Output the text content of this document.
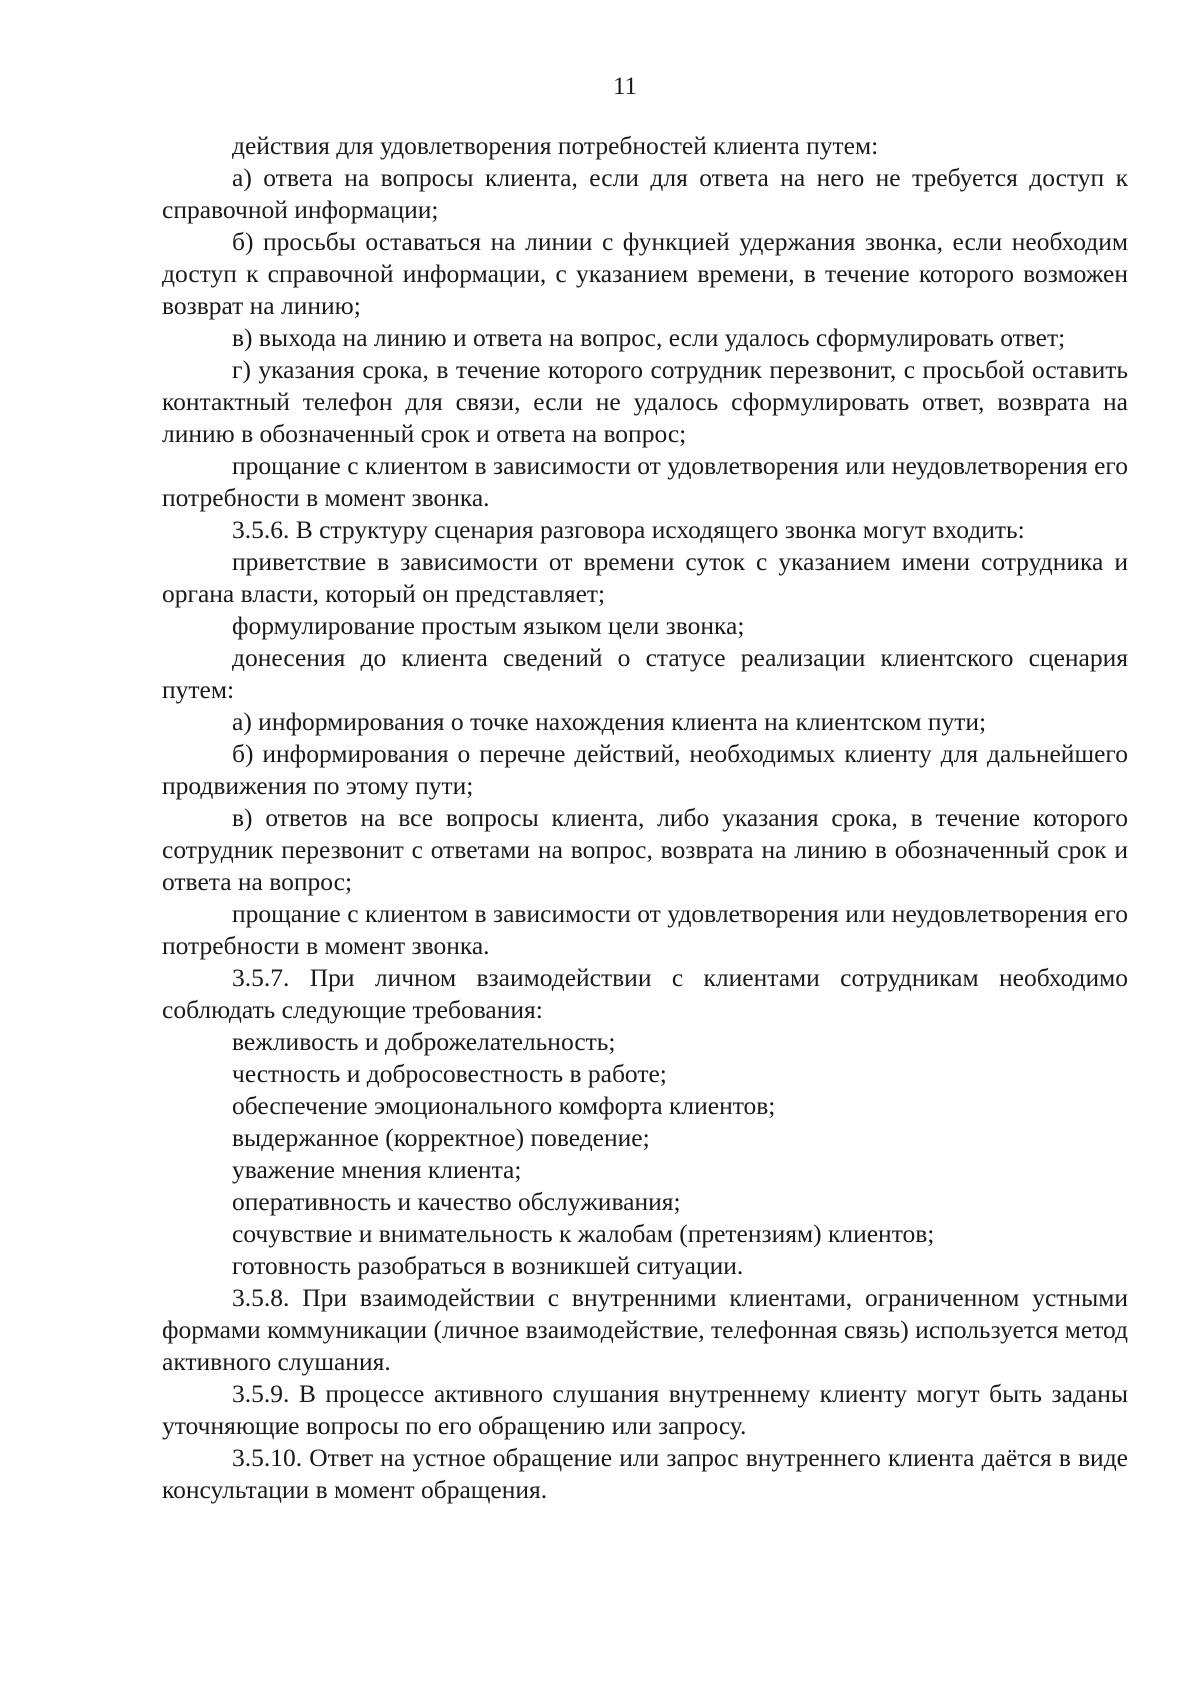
11

действия для удовлетворения потребностей клиента путем:

а) ответа на вопросы клиента, если для ответа на него не требуется доступ к справочной информации;

б) просьбы оставаться на линии с функцией удержания звонка, если необходим доступ к справочной информации, с указанием времени, в течение которого возможен возврат на линию;

в) выхода на линию и ответа на вопрос, если удалось сформулировать ответ;

г) указания срока, в течение которого сотрудник перезвонит, с просьбой оставить контактный телефон для связи, если не удалось сформулировать ответ, возврата на линию в обозначенный срок и ответа на вопрос;

прощание с клиентом в зависимости от удовлетворения или неудовлетворения его потребности в момент звонка.

3.5.6. В структуру сценария разговора исходящего звонка могут входить:

приветствие в зависимости от времени суток с указанием имени сотрудника и органа власти, который он представляет;

формулирование простым языком цели звонка;

донесения до клиента сведений о статусе реализации клиентского сценария путем:

а) информирования о точке нахождения клиента на клиентском пути;

б) информирования о перечне действий, необходимых клиенту для дальнейшего продвижения по этому пути;

в) ответов на все вопросы клиента, либо указания срока, в течение которого сотрудник перезвонит с ответами на вопрос, возврата на линию в обозначенный срок и ответа на вопрос;

прощание с клиентом в зависимости от удовлетворения или неудовлетворения его потребности в момент звонка.

3.5.7. При личном взаимодействии с клиентами сотрудникам необходимо соблюдать следующие требования:

вежливость и доброжелательность;

честность и добросовестность в работе;

обеспечение эмоционального комфорта клиентов;

выдержанное (корректное) поведение;

уважение мнения клиента;

оперативность и качество обслуживания;

сочувствие и внимательность к жалобам (претензиям) клиентов;

готовность разобраться в возникшей ситуации.

3.5.8. При взаимодействии с внутренними клиентами, ограниченном устными формами коммуникации (личное взаимодействие, телефонная связь) используется метод активного слушания.

3.5.9. В процессе активного слушания внутреннему клиенту могут быть заданы уточняющие вопросы по его обращению или запросу.

3.5.10. Ответ на устное обращение или запрос внутреннего клиента даётся в виде консультации в момент обращения.
